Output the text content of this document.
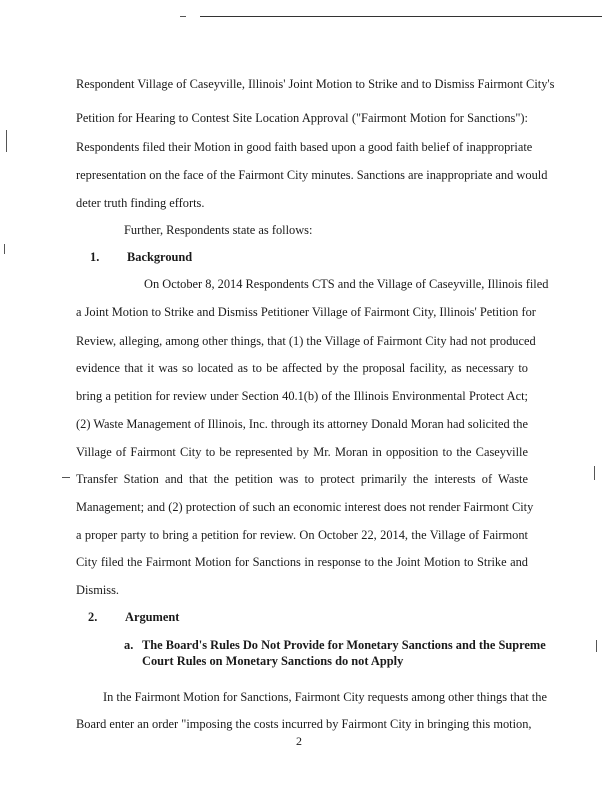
Respondent Village of Caseyville, Illinois' Joint Motion to Strike and to Dismiss Fairmont City's
Petition for Hearing to Contest Site Location Approval ("Fairmont Motion for Sanctions"):
Respondents filed their Motion in good faith based upon a good faith belief of inappropriate
representation on the face of the Fairmont City minutes. Sanctions are inappropriate and would
deter truth finding efforts.
Further, Respondents state as follows:
1. Background
On October 8, 2014 Respondents CTS and the Village of Caseyville, Illinois filed
a Joint Motion to Strike and Dismiss Petitioner Village of Fairmont City, Illinois' Petition for
Review, alleging, among other things, that (1) the Village of Fairmont City had not produced
evidence that it was so located as to be affected by the proposal facility, as necessary to
bring a petition for review under Section 40.1(b) of the Illinois Environmental Protect Act;
(2) Waste Management of Illinois, Inc. through its attorney Donald Moran had solicited the
Village of Fairmont City to be represented by Mr. Moran in opposition to the Caseyville
Transfer Station and that the petition was to protect primarily the interests of Waste
Management; and (2) protection of such an economic interest does not render Fairmont City
a proper party to bring a petition for review. On October 22, 2014, the Village of Fairmont
City filed the Fairmont Motion for Sanctions in response to the Joint Motion to Strike and
Dismiss.
2. Argument
a. The Board's Rules Do Not Provide for Monetary Sanctions and the Supreme
Court Rules on Monetary Sanctions do not Apply
In the Fairmont Motion for Sanctions, Fairmont City requests among other things that the
Board enter an order "imposing the costs incurred by Fairmont City in bringing this motion,
2
